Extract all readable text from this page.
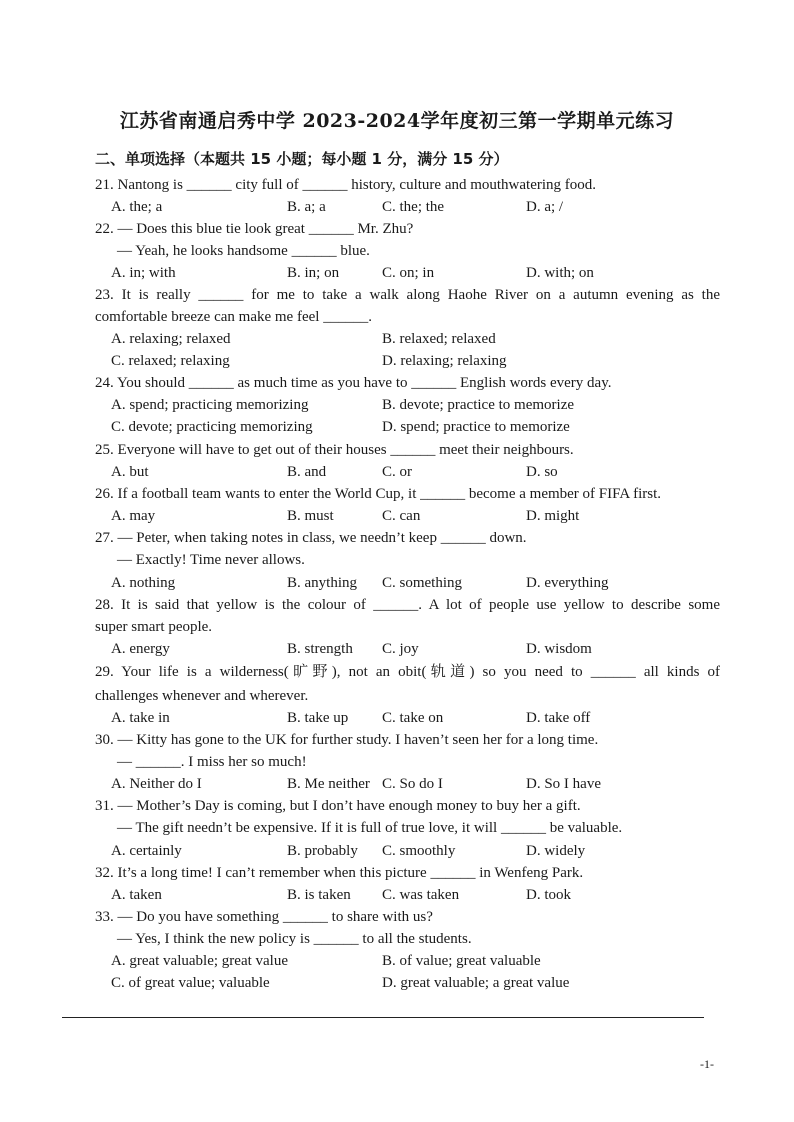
江苏省南通启秀中学 2023-2024学年度初三第一学期单元练习
二、单项选择（本题共 15 小题；每小题 1 分，满分 15 分）
21. Nantong is ______ city full of ______ history, culture and mouthwatering food.
A. the; a	B. a; a	C. the; the	D. a; /
22. — Does this blue tie look great ______ Mr. Zhu?
— Yeah, he looks handsome ______ blue.
A. in; with	B. in; on	C. on; in	D. with; on
23. It is really ______ for me to take a walk along Haohe River on a autumn evening as the
comfortable breeze can make me feel ______.
A. relaxing; relaxed	B. relaxed; relaxed
C. relaxed; relaxing	D. relaxing; relaxing
24. You should ______ as much time as you have to ______ English words every day.
A. spend; practicing memorizing	B. devote; practice to memorize
C. devote; practicing memorizing	D. spend; practice to memorize
25. Everyone will have to get out of their houses ______ meet their neighbours.
A. but	B. and	C. or	D. so
26. If a football team wants to enter the World Cup, it ______ become a member of FIFA first.
A. may	B. must	C. can	D. might
27. — Peter, when taking notes in class, we needn’t keep ______ down.
— Exactly! Time never allows.
A. nothing	B. anything C. something	D. everything
28. It is said that yellow is the colour of ______. A lot of people use yellow to describe some
super smart people.
A. energy	B. strength C. joy	D. wisdom
29. Your life is a wilderness(旷野), not an obit(轨道) so you need to ______ all kinds of
challenges whenever and wherever.
A. take in	B. take up C. take on	D. take off
30. — Kitty has gone to the UK for further study. I haven’t seen her for a long time.
— ______. I miss her so much!
A. Neither do I	B. Me neither C. So do I	D. So I have
31. — Mother’s Day is coming, but I don’t have enough money to buy her a gift.
— The gift needn’t be expensive. If it is full of true love, it will ______ be valuable.
A. certainly	B. probably C. smoothly	D. widely
32. It’s a long time! I can’t remember when this picture ______ in Wenfeng Park.
A. taken	B. is taken C. was taken	D. took
33. — Do you have something ______ to share with us?
— Yes, I think the new policy is ______ to all the students.
A. great valuable; great value	B. of value; great valuable
C. of great value; valuable	D. great valuable; a great value
-1-
